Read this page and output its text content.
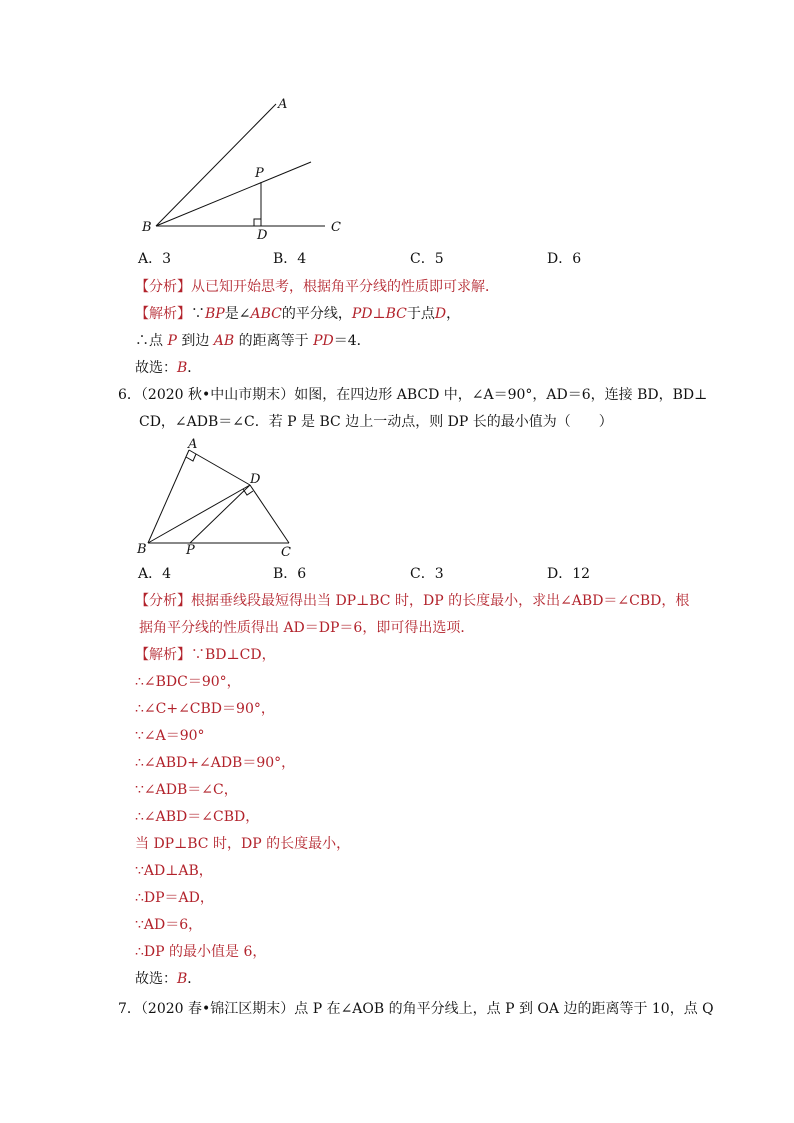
A
B	C
D
P
A
B	C
D
P
A．3	B．4	C．5	D．6
【分析】从已知开始思考，根据角平分线的性质即可求解．
【解析】∵BP是∠ABC的平分线，PD⊥BC于点D，
∴点 P 到边 AB 的距离等于 PD＝4．
故选：B．
6．（2020 秋•中山市期末）如图，在四边形 ABCD 中，∠A＝90°，AD＝6，连接 BD，BD⊥
CD，∠ADB＝∠C．若 P 是 BC 边上一动点，则 DP 长的最小值为（　　）
A．4	B．6	C．3	D．12
【分析】根据垂线段最短得出当 DP⊥BC 时，DP 的长度最小，求出∠ABD＝∠CBD，根
据角平分线的性质得出 AD＝DP＝6，即可得出选项．
【解析】∵BD⊥CD，
∴∠BDC＝90°，
∴∠C+∠CBD＝90°，
∵∠A＝90°
∴∠ABD+∠ADB＝90°，
∵∠ADB＝∠C，
∴∠ABD＝∠CBD，
当 DP⊥BC 时，DP 的长度最小，
∵AD⊥AB，
∴DP＝AD，
∵AD＝6，
∴DP 的最小值是 6，
故选：B．
7．（2020 春•锦江区期末）点 P 在∠AOB 的角平分线上，点 P 到 OA 边的距离等于 10，点 Q
